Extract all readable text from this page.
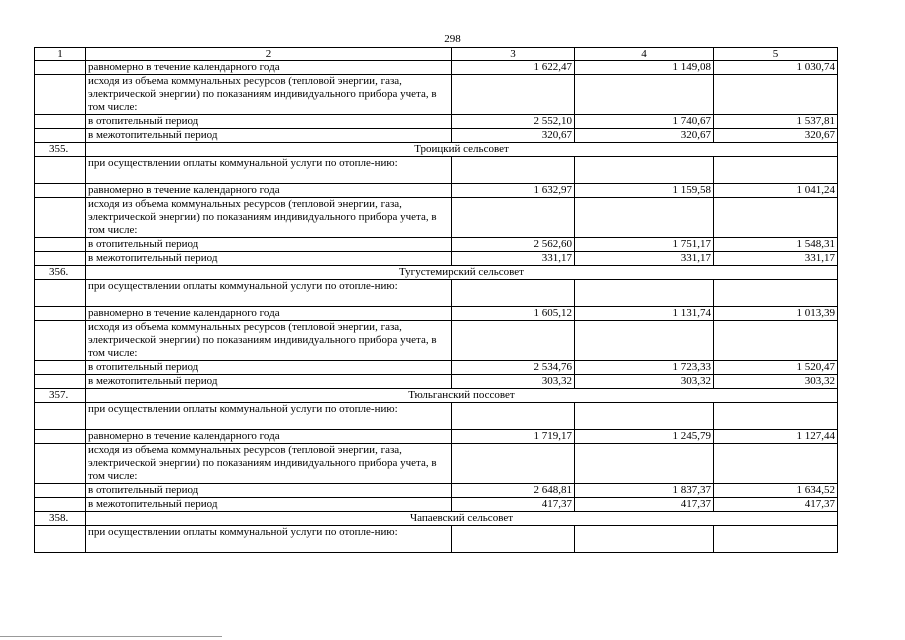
298
1	2	3	4	5
	равномерно в течение календарного года	1 622,47	1 149,08	1 030,74
	исходя из объема коммунальных ресурсов (тепловой энергии, газа, электрической энергии) по показаниям индивидуального прибора учета, в том числе:			
	в отопительный период	2 552,10	1 740,67	1 537,81
	в межотопительный период	320,67	320,67	320,67
355.	Троицкий сельсовет			
	при осуществлении оплаты коммунальной услуги по отопле-нию:			
	равномерно в течение календарного года	1 632,97	1 159,58	1 041,24
	исходя из объема коммунальных ресурсов (тепловой энергии, газа, электрической энергии) по показаниям индивидуального прибора учета, в том числе:			
	в отопительный период	2 562,60	1 751,17	1 548,31
	в межотопительный период	331,17	331,17	331,17
356.	Тугустемирский сельсовет			
	при осуществлении оплаты коммунальной услуги по отопле-нию:			
	равномерно в течение календарного года	1 605,12	1 131,74	1 013,39
	исходя из объема коммунальных ресурсов (тепловой энергии, газа, электрической энергии) по показаниям индивидуального прибора учета, в том числе:			
	в отопительный период	2 534,76	1 723,33	1 520,47
	в межотопительный период	303,32	303,32	303,32
357.	Тюльганский поссовет			
	при осуществлении оплаты коммунальной услуги по отопле-нию:			
	равномерно в течение календарного года	1 719,17	1 245,79	1 127,44
	исходя из объема коммунальных ресурсов (тепловой энергии, газа, электрической энергии) по показаниям индивидуального прибора учета, в том числе:			
	в отопительный период	2 648,81	1 837,37	1 634,52
	в межотопительный период	417,37	417,37	417,37
358.	Чапаевский сельсовет			
	при осуществлении оплаты коммунальной услуги по отопле-нию:			
